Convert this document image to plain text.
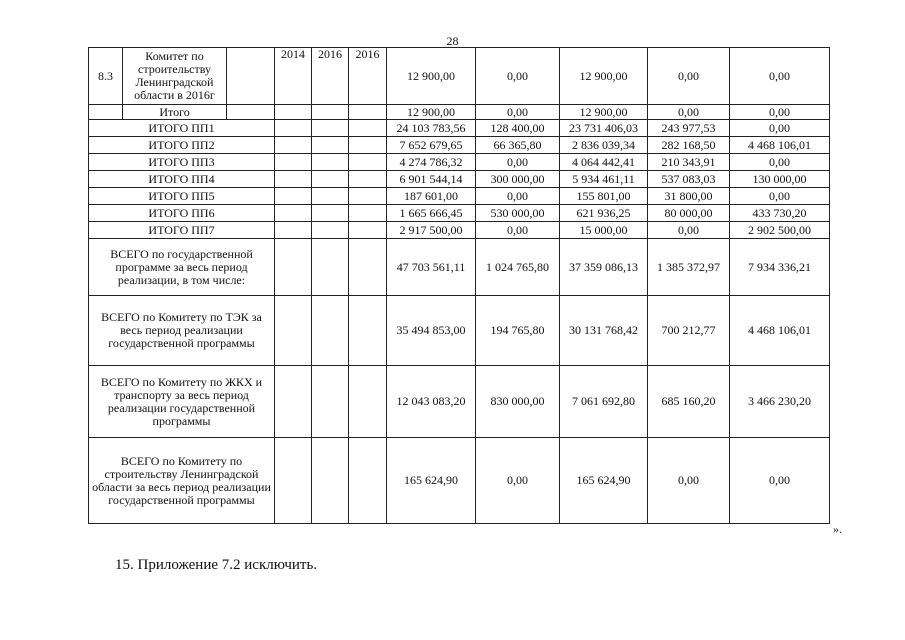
28
8.3	Комитет по строительству Ленинградской области в 2016г		2014	2016	2016	12 900,00	0,00	12 900,00	0,00	0,00
	Итого					12 900,00	0,00	12 900,00	0,00	0,00
ИТОГО ПП1						24 103 783,56	128 400,00	23 731 406,03	243 977,53	0,00
ИТОГО ПП2						7 652 679,65	66 365,80	2 836 039,34	282 168,50	4 468 106,01
ИТОГО ПП3						4 274 786,32	0,00	4 064 442,41	210 343,91	0,00
ИТОГО ПП4						6 901 544,14	300 000,00	5 934 461,11	537 083,03	130 000,00
ИТОГО ПП5						187 601,00	0,00	155 801,00	31 800,00	0,00
ИТОГО ПП6						1 665 666,45	530 000,00	621 936,25	80 000,00	433 730,20
ИТОГО ПП7						2 917 500,00	0,00	15 000,00	0,00	2 902 500,00
ВСЕГО по государственной программе за весь период реализации, в том числе:						47 703 561,11	1 024 765,80	37 359 086,13	1 385 372,97	7 934 336,21
ВСЕГО по Комитету по ТЭК за весь период реализации государственной программы						35 494 853,00	194 765,80	30 131 768,42	700 212,77	4 468 106,01
ВСЕГО по Комитету по ЖКХ и транспорту за весь период реализации государственной программы						12 043 083,20	830 000,00	7 061 692,80	685 160,20	3 466 230,20
ВСЕГО по Комитету по строительству Ленинградской области за весь период реализации государственной программы						165 624,90	0,00	165 624,90	0,00	0,00
».
15. Приложение 7.2 исключить.
